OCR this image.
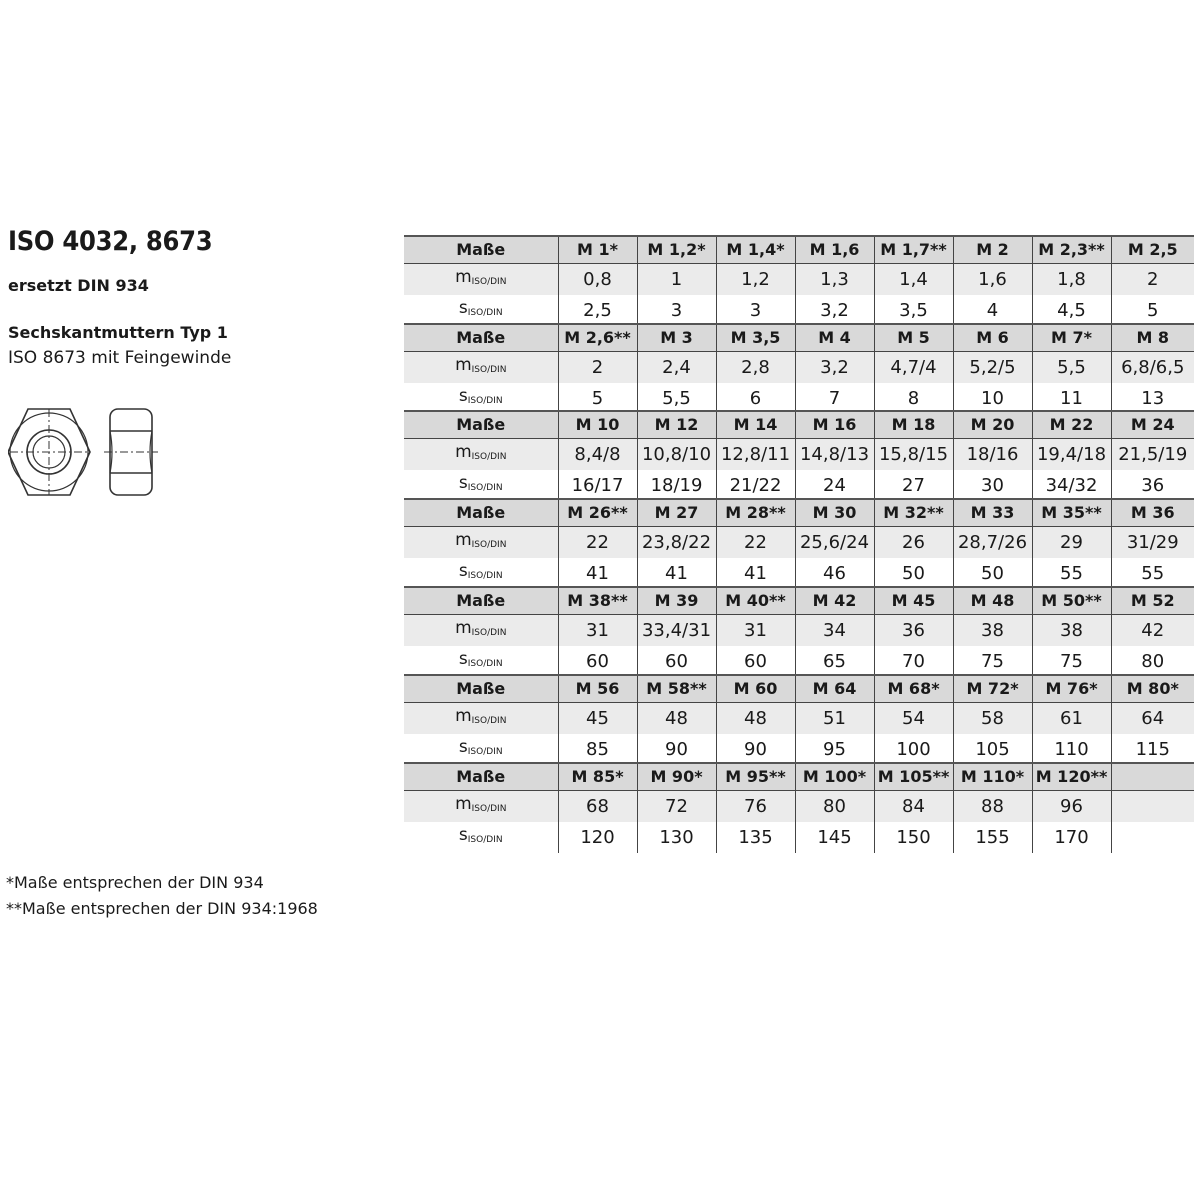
ISO 4032, 8673
ersetzt DIN 934
Sechskantmuttern Typ 1
ISO 8673 mit Feingewinde
Maße	M 1*	M 1,2*	M 1,4*	M 1,6	M 1,7**	M 2	M 2,3**	M 2,5
$m_{ISO/DIN}$	0,8	1	1,2	1,3	1,4	1,6	1,8	2
$s_{ISO/DIN}$	2,5	3	3	3,2	3,5	4	4,5	5
Maße	M 2,6**	M 3	M 3,5	M 4	M 5	M 6	M 7*	M 8
$m_{ISO/DIN}$	2	2,4	2,8	3,2	4,7/4	5,2/5	5,5	6,8/6,5
$s_{ISO/DIN}$	5	5,5	6	7	8	10	11	13
Maße	M 10	M 12	M 14	M 16	M 18	M 20	M 22	M 24
$m_{ISO/DIN}$	8,4/8	10,8/10	12,8/11	14,8/13	15,8/15	18/16	19,4/18	21,5/19
$s_{ISO/DIN}$	16/17	18/19	21/22	24	27	30	34/32	36
Maße	M 26**	M 27	M 28**	M 30	M 32**	M 33	M 35**	M 36
$m_{ISO/DIN}$	22	23,8/22	22	25,6/24	26	28,7/26	29	31/29
$s_{ISO/DIN}$	41	41	41	46	50	50	55	55
Maße	M 38**	M 39	M 40**	M 42	M 45	M 48	M 50**	M 52
$m_{ISO/DIN}$	31	33,4/31	31	34	36	38	38	42
$s_{ISO/DIN}$	60	60	60	65	70	75	75	80
Maße	M 56	M 58**	M 60	M 64	M 68*	M 72*	M 76*	M 80*
$m_{ISO/DIN}$	45	48	48	51	54	58	61	64
$s_{ISO/DIN}$	85	90	90	95	100	105	110	115
Maße	M 85*	M 90*	M 95**	M 100*	M 105**	M 110*	M 120**	
$m_{ISO/DIN}$	68	72	76	80	84	88	96	
$s_{ISO/DIN}$	120	130	135	145	150	155	170	
*Maße entsprechen der DIN 934
**Maße entsprechen der DIN 934:1968
